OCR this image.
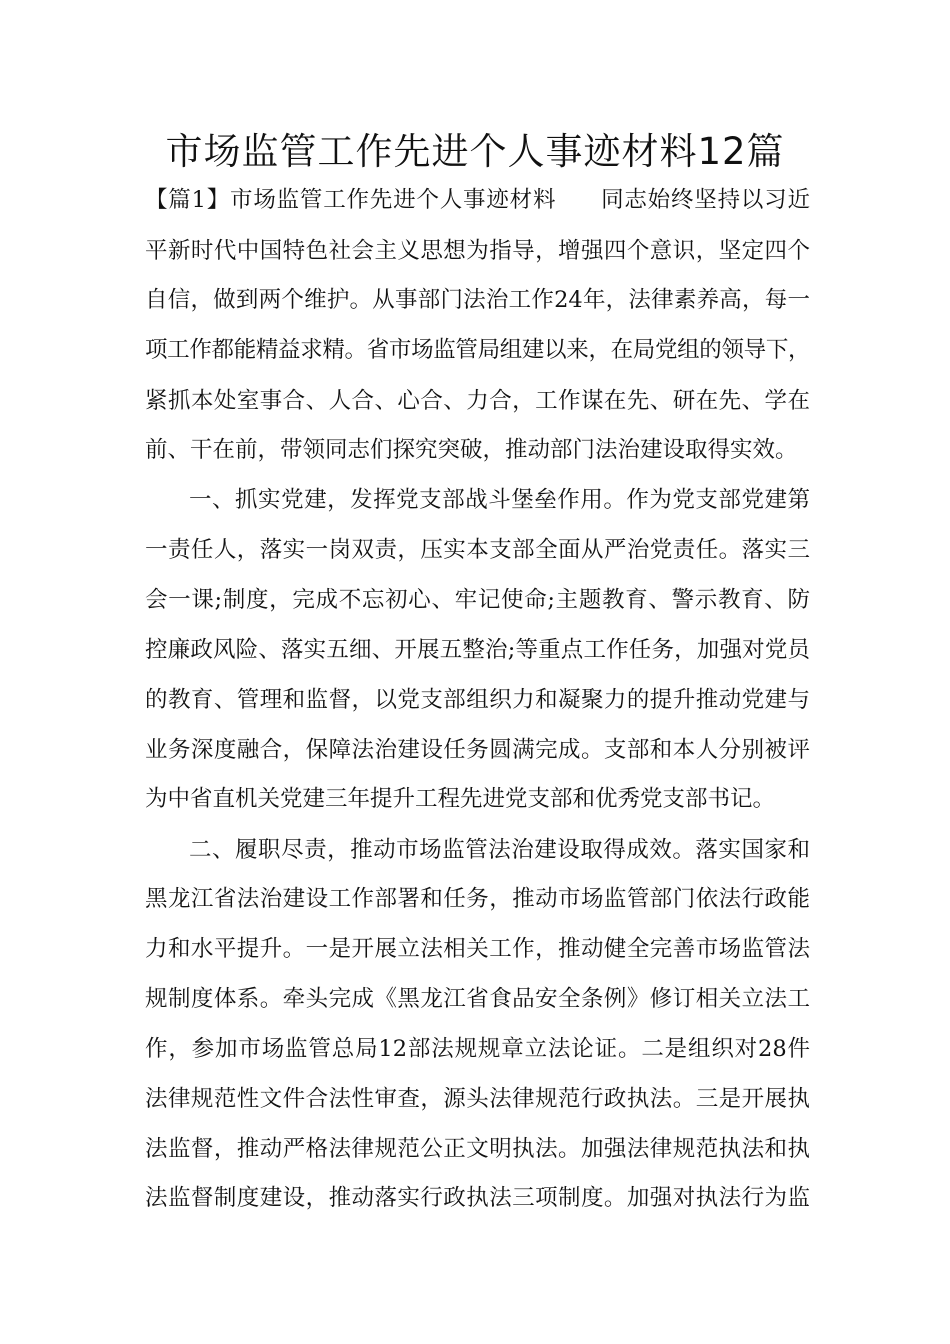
市场监管工作先进个人事迹材料12篇
【篇1】市场监管工作先进个人事迹材料 同志始终坚持以习近
平新时代中国特色社会主义思想为指导，增强四个意识，坚定四个
自信，做到两个维护。从事部门法治工作24年，法律素养高，每一
项工作都能精益求精。省市场监管局组建以来，在局党组的领导下，
紧抓本处室事合、人合、心合、力合，工作谋在先、研在先、学在
前、干在前，带领同志们探究突破，推动部门法治建设取得实效。
一、抓实党建，发挥党支部战斗堡垒作用。作为党支部党建第
一责任人，落实一岗双责，压实本支部全面从严治党责任。落实三
会一课;制度，完成不忘初心、牢记使命;主题教育、警示教育、防
控廉政风险、落实五细、开展五整治;等重点工作任务，加强对党员
的教育、管理和监督，以党支部组织力和凝聚力的提升推动党建与
业务深度融合，保障法治建设任务圆满完成。支部和本人分别被评
为中省直机关党建三年提升工程先进党支部和优秀党支部书记。
二、履职尽责，推动市场监管法治建设取得成效。落实国家和
黑龙江省法治建设工作部署和任务，推动市场监管部门依法行政能
力和水平提升。一是开展立法相关工作，推动健全完善市场监管法
规制度体系。牵头完成《黑龙江省食品安全条例》修订相关立法工
作，参加市场监管总局12部法规规章立法论证。二是组织对28件
法律规范性文件合法性审查，源头法律规范行政执法。三是开展执
法监督，推动严格法律规范公正文明执法。加强法律规范执法和执
法监督制度建设，推动落实行政执法三项制度。加强对执法行为监
